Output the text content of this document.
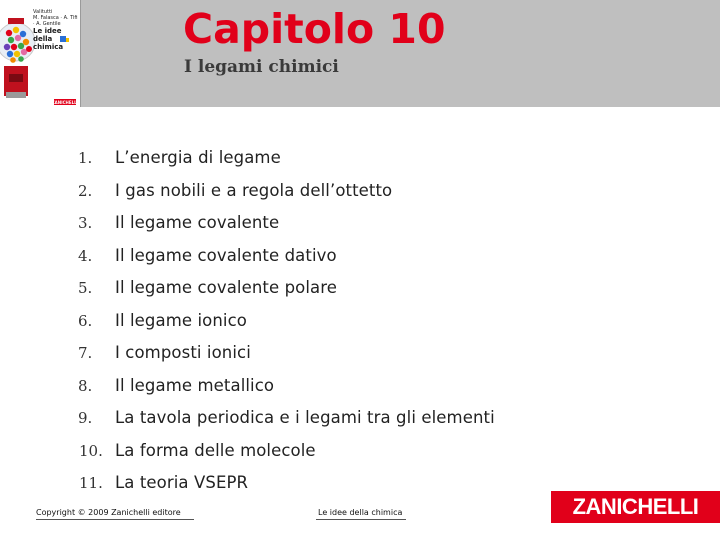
Valitutti
M. Falasca · A. Tifi · A. Gentile
Le idee della
chimica
ZANICHELLI
Capitolo 10
I legami chimici
1. L’energia di legame
2. I gas nobili e a regola dell’ottetto
3. Il legame covalente
4. Il legame covalente dativo
5. Il legame covalente polare
6. Il legame ionico
7. I composti ionici
8. Il legame metallico
9. La tavola periodica e i legami tra gli elementi
10. La forma delle molecole
11. La teoria VSEPR
Copyright © 2009 Zanichelli editore	Le idee della chimica	ZANICHELLI
